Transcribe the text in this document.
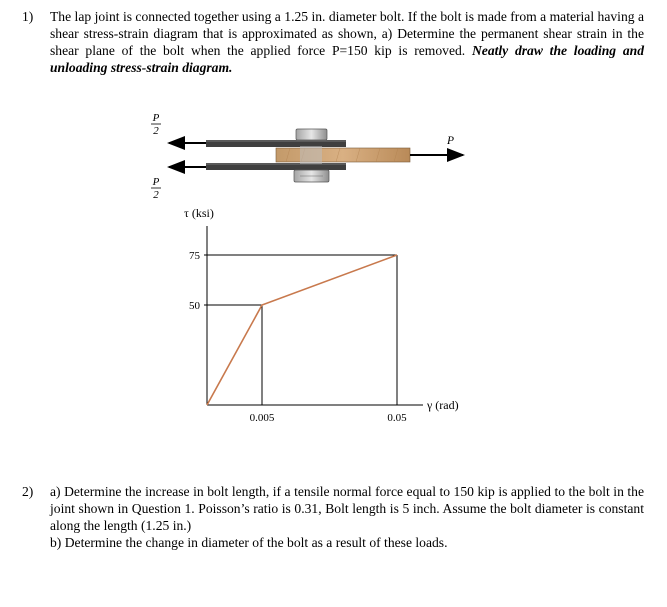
1) The lap joint is connected together using a 1.25 in. diameter bolt. If the bolt is made from a material having a shear stress-strain diagram that is approximated as shown, a) Determine the permanent shear strain in the shear plane of the bolt when the applied force P=150 kip is removed. Neatly draw the loading and unloading stress-strain diagram.
P
2
P
2
P
50
75
0.005	0.05
τ (ksi)
γ (rad)
2) a) Determine the increase in bolt length, if a tensile normal force equal to 150 kip is applied to the bolt in the joint shown in Question 1. Poisson’s ratio is 0.31, Bolt length is 5 inch. Assume the bolt diameter is constant along the length (1.25 in.)
b) Determine the change in diameter of the bolt as a result of these loads.
